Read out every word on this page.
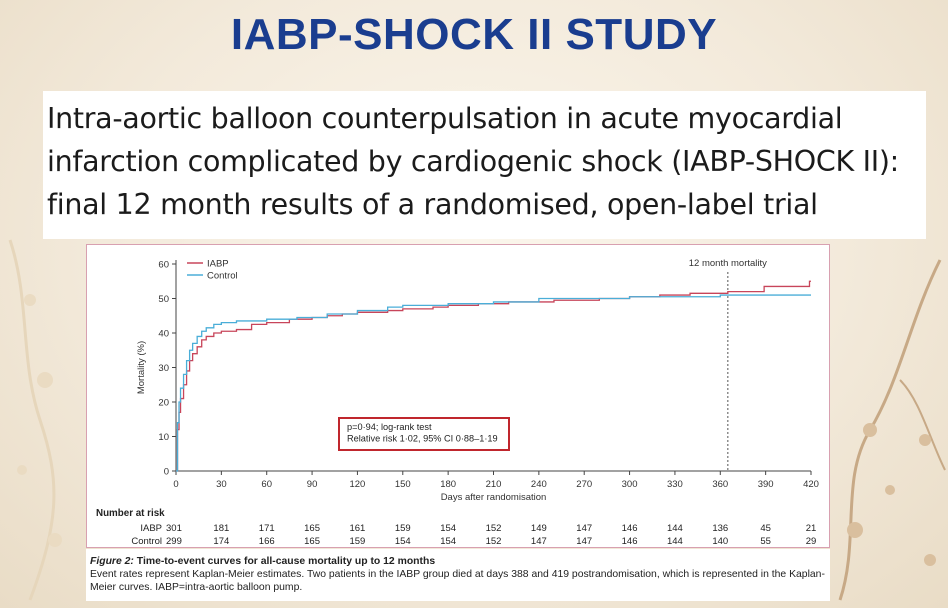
IABP-SHOCK II STUDY
Intra-aortic balloon counterpulsation in acute myocardial infarction complicated by cardiogenic shock (IABP-SHOCK II): final 12 month results of a randomised, open-label trial
0
10
20
30
40
50
60
0	30	60	90	120	150	180	210	240	270	300	330	360	390	420
Days after randomisation
Mortality (%)
12 month mortality
IABP
Control
p=0·94; log-rank test
Relative risk 1·02, 95% CI 0·88–1·19
Number at risk
IABP 301	181	171	165	161	159	154	152	149	147	146	144	136	45	21
Control 299	174	166	165	159	154	154	152	147	147	146	144	140	55	29
Figure 2: Time-to-event curves for all-cause mortality up to 12 months
Event rates represent Kaplan-Meier estimates. Two patients in the IABP group died at days 388 and 419 postrandomisation, which is represented in the Kaplan-Meier curves. IABP=intra-aortic balloon pump.
